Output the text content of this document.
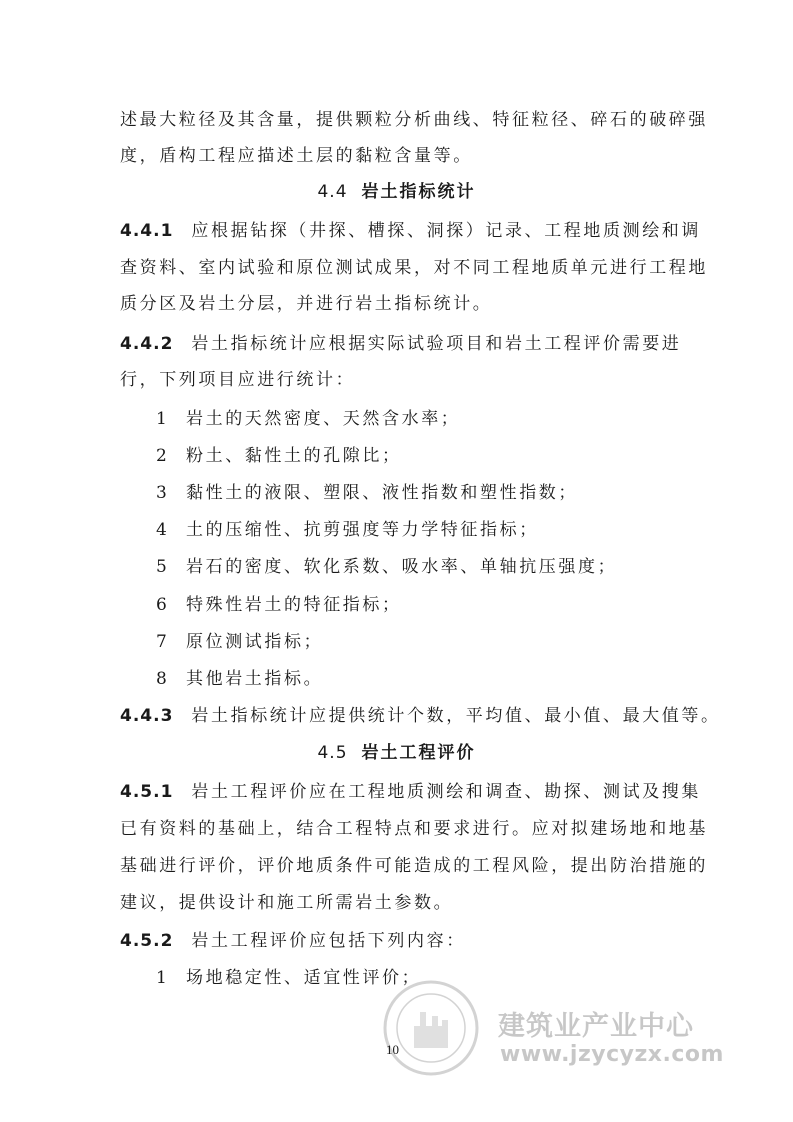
述最大粒径及其含量，提供颗粒分析曲线、特征粒径、碎石的破碎强
度，盾构工程应描述土层的黏粒含量等。
4.4 岩土指标统计
4.4.1 应根据钻探（井探、槽探、洞探）记录、工程地质测绘和调
查资料、室内试验和原位测试成果，对不同工程地质单元进行工程地
质分区及岩土分层，并进行岩土指标统计。
4.4.2 岩土指标统计应根据实际试验项目和岩土工程评价需要进
行，下列项目应进行统计：
1 岩土的天然密度、天然含水率；
2 粉土、黏性土的孔隙比；
3 黏性土的液限、塑限、液性指数和塑性指数；
4 土的压缩性、抗剪强度等力学特征指标；
5 岩石的密度、软化系数、吸水率、单轴抗压强度；
6 特殊性岩土的特征指标；
7 原位测试指标；
8 其他岩土指标。
4.4.3 岩土指标统计应提供统计个数，平均值、最小值、最大值等。
4.5 岩土工程评价
4.5.1 岩土工程评价应在工程地质测绘和调查、勘探、测试及搜集
已有资料的基础上，结合工程特点和要求进行。应对拟建场地和地基
基础进行评价，评价地质条件可能造成的工程风险，提出防治措施的
建议，提供设计和施工所需岩土参数。
4.5.2 岩土工程评价应包括下列内容：
1 场地稳定性、适宜性评价；
建筑业产业中心
www.jzycyzx.com
10
